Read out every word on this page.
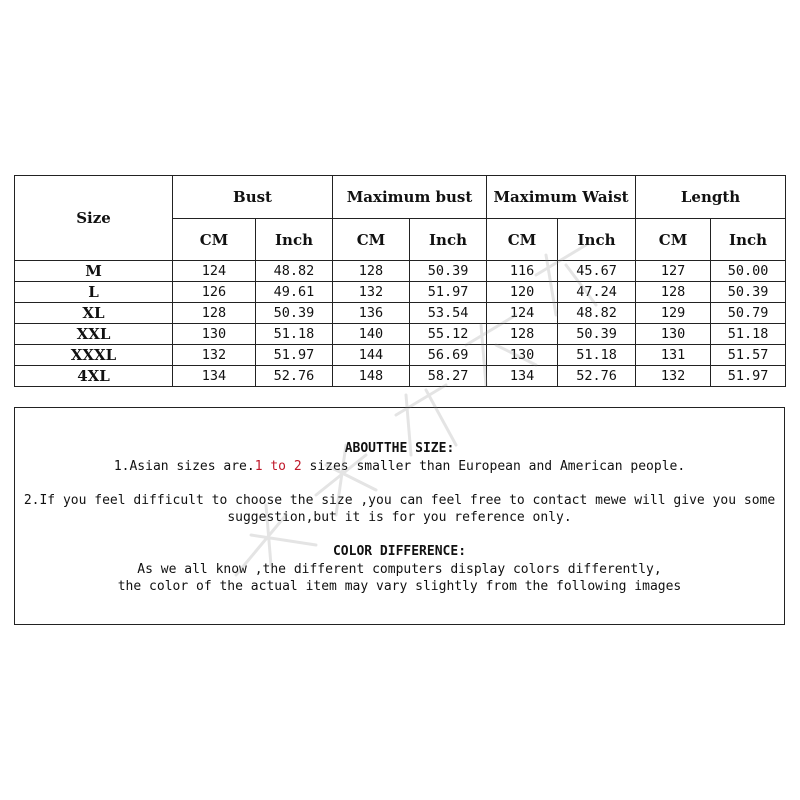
Size	Bust		Maximum bust		Maximum Waist		Length	
	CM	Inch	CM	Inch	CM	Inch	CM	Inch
M	124	48.82	128	50.39	116	45.67	127	50.00
L	126	49.61	132	51.97	120	47.24	128	50.39
XL	128	50.39	136	53.54	124	48.82	129	50.79
XXL	130	51.18	140	55.12	128	50.39	130	51.18
XXXL	132	51.97	144	56.69	130	51.18	131	51.57
4XL	134	52.76	148	58.27	134	52.76	132	51.97

ABOUTTHE SIZE:

1.Asian sizes are.1 to 2 sizes smaller than European and American people.

2.If you feel difficult to choose the size ,you can feel free to contact mewe will give you some

suggestion,but it is for you reference only.

COLOR DIFFERENCE:

As we all know ,the different computers display colors differently,

the color of the actual item may vary slightly from the following images
